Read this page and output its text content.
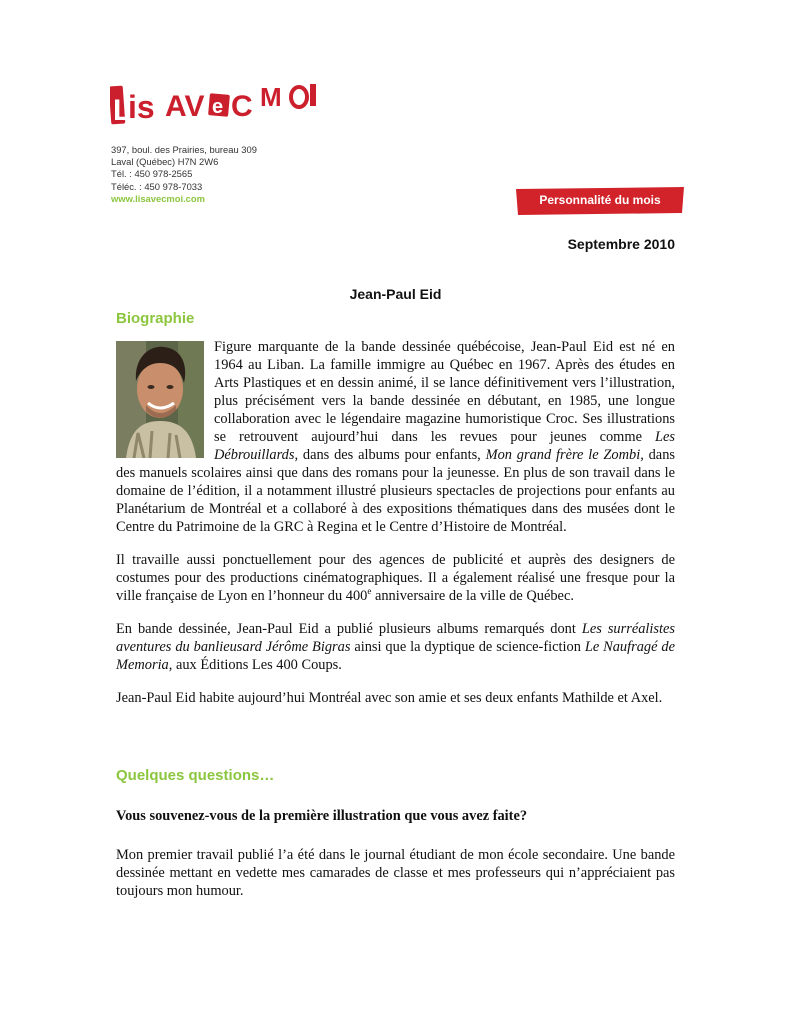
L
is AV e C M
397, boul. des Prairies, bureau 309
Laval (Québec) H7N 2W6
Tél. : 450 978-2565
Téléc. : 450 978-7033
www.lisavecmoi.com	Personnalité du mois
Septembre 2010
Jean-Paul Eid
Biographie

Figure marquante de la bande dessinée québécoise, Jean-Paul Eid est né en 1964 au Liban. La famille immigre au Québec en 1967. Après des études en Arts Plastiques et en dessin animé, il se lance définitivement vers l’illustration, plus précisément vers la bande dessinée en débutant, en 1985, une longue collaboration avec le légendaire magazine humoristique Croc. Ses illustrations se retrouvent aujourd’hui dans les revues pour jeunes comme Les Débrouillards, dans des albums pour enfants, Mon grand frère le Zombi, dans des manuels scolaires ainsi que dans des romans pour la jeunesse. En plus de son travail dans le domaine de l’édition, il a notamment illustré plusieurs spectacles de projections pour enfants au Planétarium de Montréal et a collaboré à des expositions thématiques dans des musées dont le Centre du Patrimoine de la GRC à Regina et le Centre d’Histoire de Montréal.

Il travaille aussi ponctuellement pour des agences de publicité et auprès des designers de costumes pour des productions cinématographiques. Il a également réalisé une fresque pour la ville française de Lyon en l’honneur du 400e anniversaire de la ville de Québec.

En bande dessinée, Jean-Paul Eid a publié plusieurs albums remarqués dont Les surréalistes aventures du banlieusard Jérôme Bigras ainsi que la dyptique de science-fiction Le Naufragé de Memoria, aux Éditions Les 400 Coups.

Jean-Paul Eid habite aujourd’hui Montréal avec son amie et ses deux enfants Mathilde et Axel.

Quelques questions…
Vous souvenez-vous de la première illustration que vous avez faite?
Mon premier travail publié l’a été dans le journal étudiant de mon école secondaire. Une bande dessinée mettant en vedette mes camarades de classe et mes professeurs qui n’appréciaient pas toujours mon humour.
